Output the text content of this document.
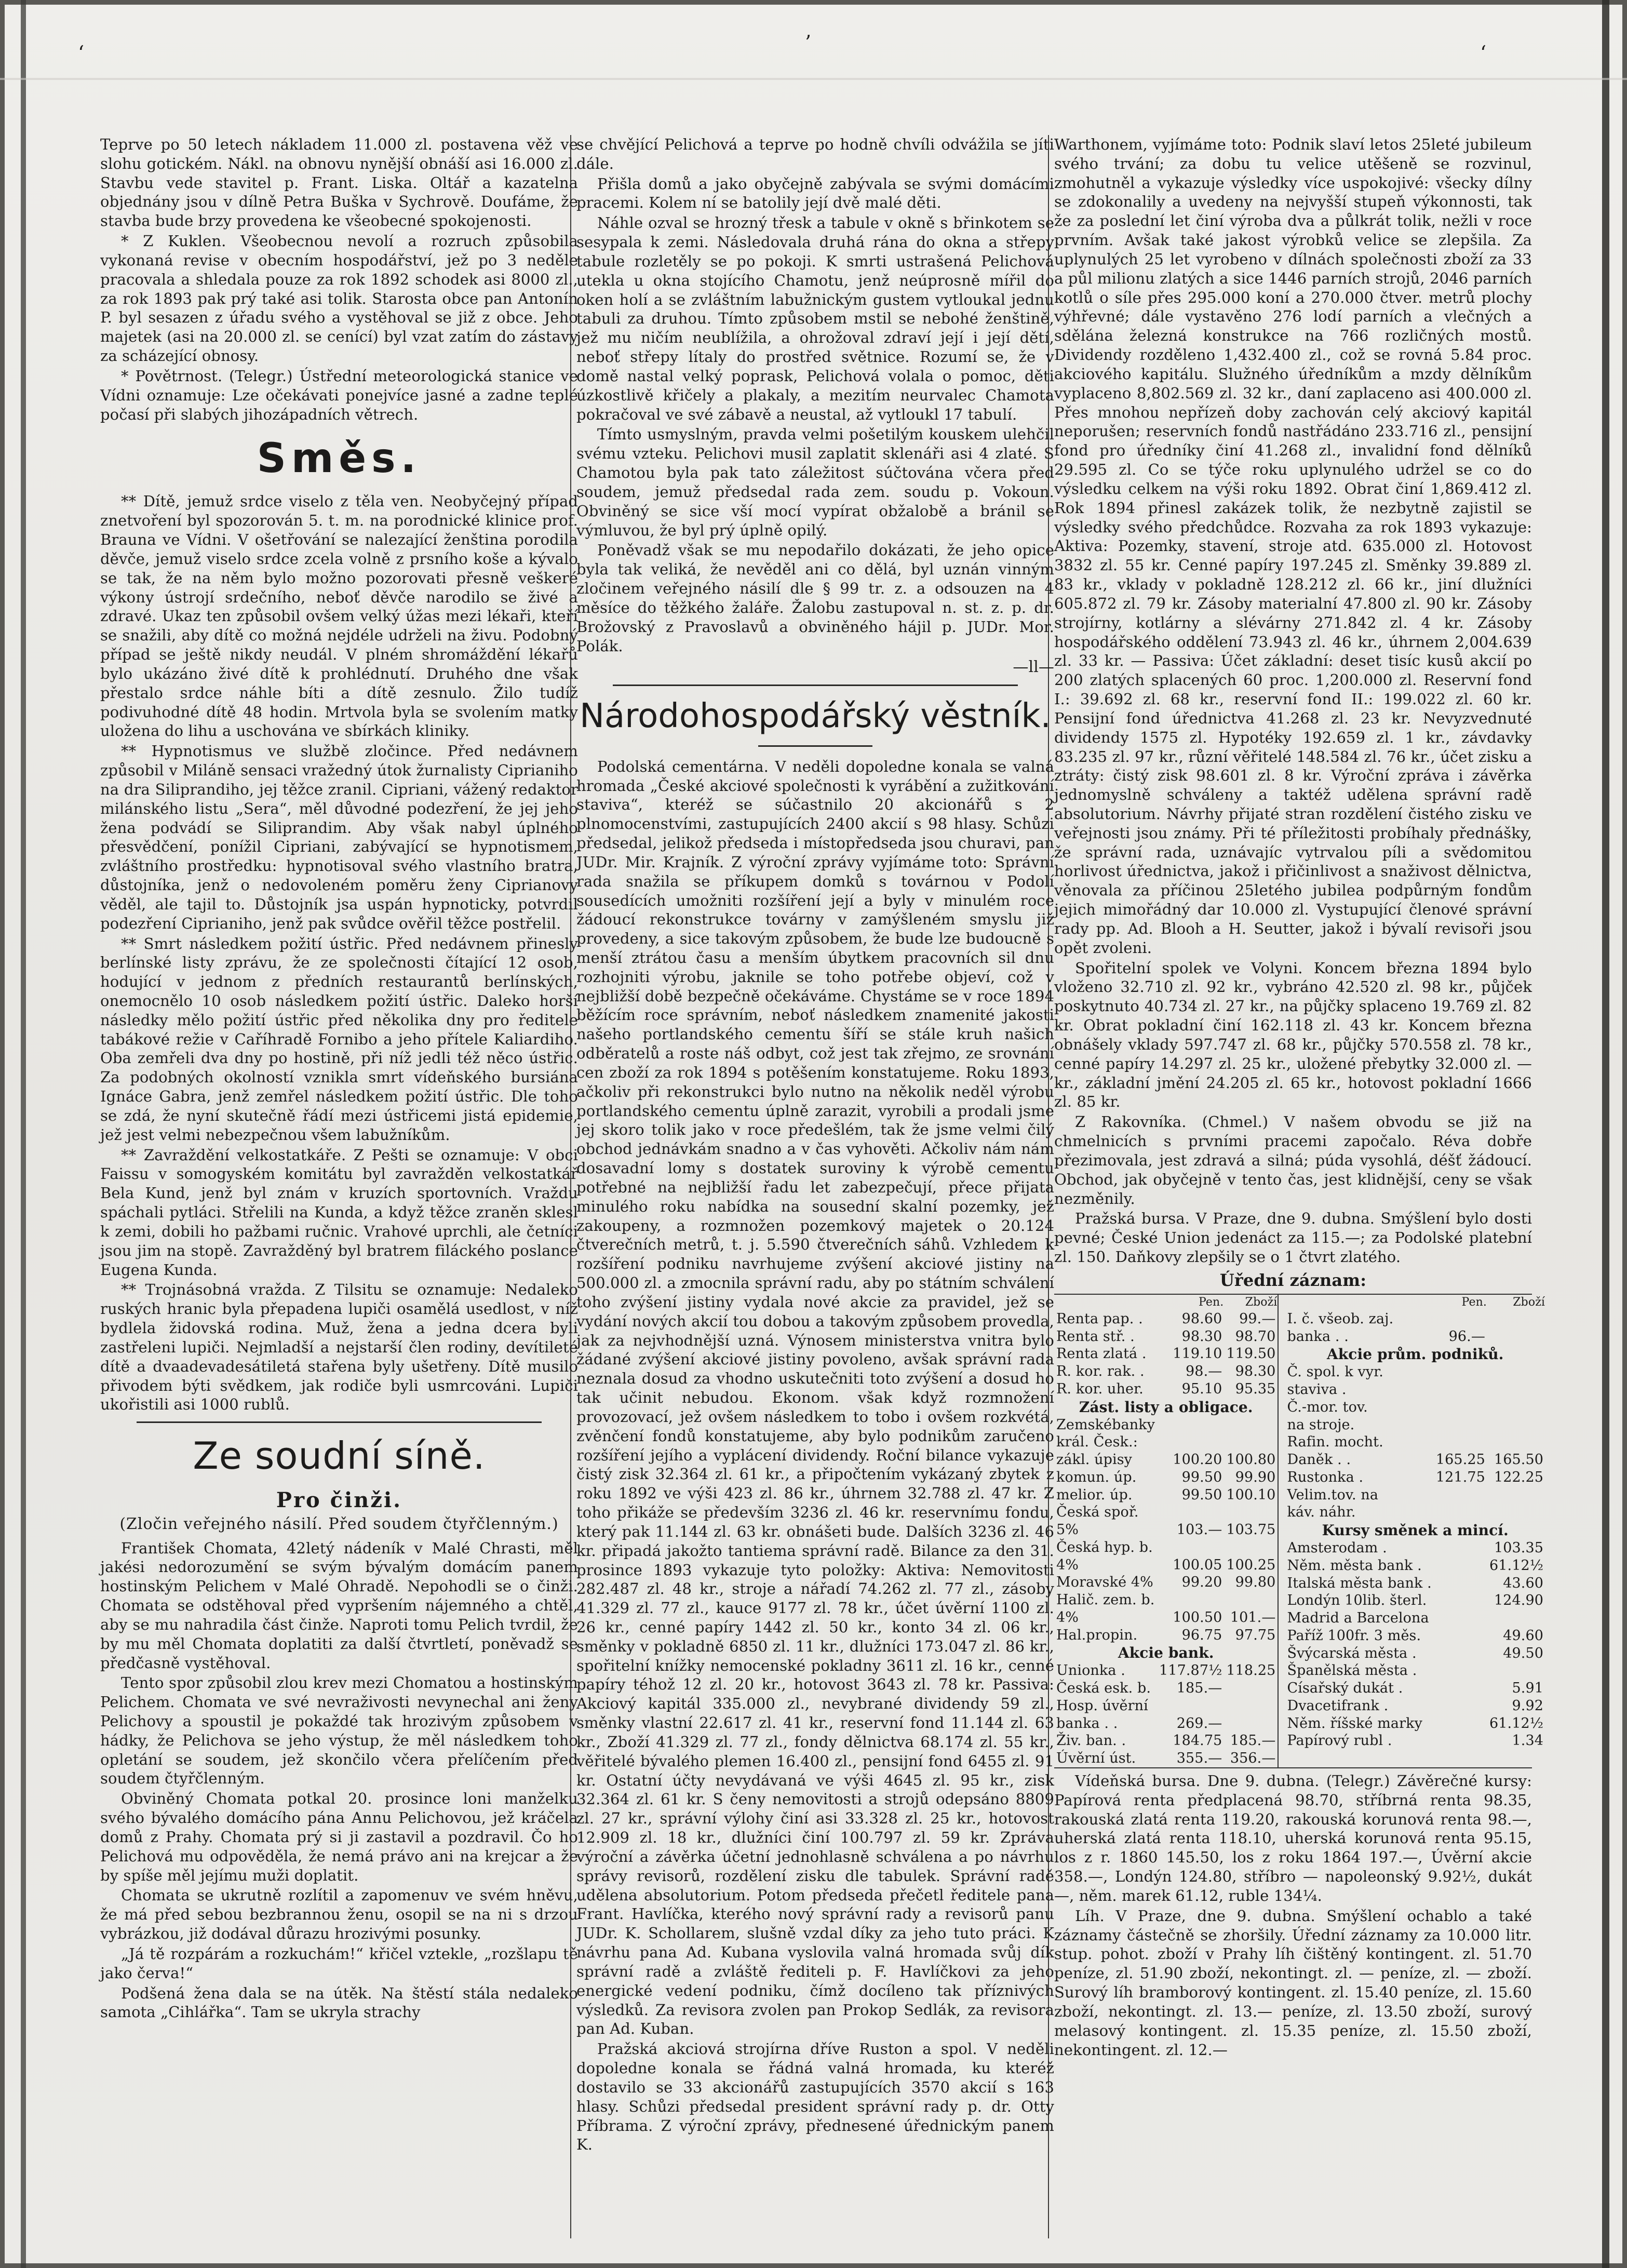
‘	’	‘

Teprve po 50 letech nákladem 11.000 zl. postavena věž ve slohu gotickém. Nákl. na obnovu nynější obnáší asi 16.000 zl. Stavbu vede stavitel p. Frant. Liska. Oltář a kazatelna objednány jsou v dílně Petra Buška v Sychrově. Doufáme, že stavba bude brzy provedena ke všeobecné spokojenosti.

* Z Kuklen. Všeobecnou nevolí a rozruch způsobila vykonaná revise v obecním hospodářství, jež po 3 neděle pracovala a shledala pouze za rok 1892 schodek asi 8000 zl., za rok 1893 pak prý také asi tolik. Starosta obce pan Antonín P. byl sesazen z úřadu svého a vystěhoval se již z obce. Jeho majetek (asi na 20.000 zl. se cenící) byl vzat zatím do zástavy za scházející obnosy.

* Povětrnost. (Telegr.) Ústřední meteorologická stanice ve Vídni oznamuje: Lze očekávati ponejvíce jasné a zadne teplé počasí při slabých jihozápadních větrech.

Směs.

** Dítě, jemuž srdce viselo z těla ven. Neobyčejný případ znetvoření byl spozorován 5. t. m. na porodnické klinice prof. Brauna ve Vídni. V ošetřování se nalezající ženština porodila děvče, jemuž viselo srdce zcela volně z prsního koše a kývalo se tak, že na něm bylo možno pozorovati přesně veškeré výkony ústrojí srdečního, neboť děvče narodilo se živé a zdravé. Ukaz ten způsobil ovšem velký úžas mezi lékaři, kteří se snažili, aby dítě co možná nejdéle udrželi na živu. Podobný případ se ještě nikdy neudál. V plném shromáždění lékařů bylo ukázáno živé dítě k prohlédnutí. Druhého dne však přestalo srdce náhle bíti a dítě zesnulo. Žilo tudíž podivuhodné dítě 48 hodin. Mrtvola byla se svolením matky uložena do lihu a uschována ve sbírkách kliniky.

** Hypnotismus ve službě zločince. Před nedávnem způsobil v Miláně sensaci vražedný útok žurnalisty Ciprianiho na dra Siliprandiho, jej těžce zranil. Cipriani, vážený redaktor milánského listu „Sera“, měl důvodné podezření, že jej jeho žena podvádí se Siliprandim. Aby však nabyl úplného přesvědčení, ponížil Cipriani, zabývající se hypnotismem, zvláštního prostředku: hypnotisoval svého vlastního bratra, důstojníka, jenž o nedovoleném poměru ženy Ciprianovy věděl, ale tajil to. Důstojník jsa uspán hypnoticky, potvrdil podezření Ciprianiho, jenž pak svůdce ověřil těžce postřelil.

** Smrt následkem požití ústřic. Před nedávnem přinesly berlínské listy zprávu, že ze společnosti čítající 12 osob, hodující v jednom z předních restaurantů berlínských, onemocnělo 10 osob následkem požití ústřic. Daleko horší následky mělo požití ústřic před několika dny pro ředitele tabákové režie v Caříhradě Fornibo a jeho přítele Kaliardiho. Oba zemřeli dva dny po hostině, při níž jedli též něco ústřic. Za podobných okolností vznikla smrt vídeňského bursiána Ignáce Gabra, jenž zemřel následkem požití ústřic. Dle toho se zdá, že nyní skutečně řádí mezi ústřicemi jistá epidemie, jež jest velmi nebezpečnou všem labužníkům.

** Zavraždění velkostatkáře. Z Pešti se oznamuje: V obci Faissu v somogyském komitátu byl zavražděn velkostatkář Bela Kund, jenž byl znám v kruzích sportovních. Vraždu spáchali pytláci. Střelili na Kunda, a když těžce zraněn sklesl k zemi, dobili ho pažbami ručnic. Vrahové uprchli, ale četníci jsou jim na stopě. Zavražděný byl bratrem filáckého poslance Eugena Kunda.

** Trojnásobná vražda. Z Tilsitu se oznamuje: Nedaleko ruských hranic byla přepadena lupiči osamělá usedlost, v níž bydlela židovská rodina. Muž, žena a jedna dcera byli zastřeleni lupiči. Nejmladší a nejstarší člen rodiny, devítileté dítě a dvaadevadesátiletá stařena byly ušetřeny. Dítě musilo přivodem býti svědkem, jak rodiče byli usmrcováni. Lupiči ukořistili asi 1000 rublů.

Ze soudní síně.
Pro činži.
(Zločin veřejného násilí. Před soudem čtyřčlenným.)

František Chomata, 42letý nádeník v Malé Chrasti, měl jakési nedorozumění se svým bývalým domácím panem hostinským Pelichem v Malé Ohradě. Nepohodli se o činži. Chomata se odstěhoval před vypršením nájemného a chtěl, aby se mu nahradila část činže. Naproti tomu Pelich tvrdil, že by mu měl Chomata doplatiti za další čtvrtletí, poněvadž se předčasně vystěhoval.

Tento spor způsobil zlou krev mezi Chomatou a hostinským Pelichem. Chomata ve své nevraživosti nevynechal ani ženy Pelichovy a spoustil je pokaždé tak hrozivým způsobem v hádky, že Pelichova se jeho výstup, že měl následkem toho opletání se soudem, jež skončilo včera přelíčením před soudem čtyřčlenným.

Obviněný Chomata potkal 20. prosince loni manželku svého bývalého domácího pána Annu Pelichovou, jež kráčela domů z Prahy. Chomata prý si ji zastavil a pozdravil. Čo ho Pelichová mu odpověděla, že nemá právo ani na krejcar a že by spíše měl jejímu muži doplatit.

Chomata se ukrutně rozlítil a zapomenuv ve svém hněvu, že má před sebou bezbrannou ženu, osopil se na ni s drzou vybrázkou, již dodával důrazu hrozivými posunky.

„Já tě rozpárám a rozkuchám!“ křičel vztekle, „rozšlapu tě jako červa!“

Podšená žena dala se na útěk. Na štěstí stála nedaleko samota „Cihlářka“. Tam se ukryla strachy

se chvějící Pelichová a teprve po hodně chvíli odvážila se jíti dále.

Přišla domů a jako obyčejně zabývala se svými domácími pracemi. Kolem ní se batolily její dvě malé děti.

Náhle ozval se hrozný třesk a tabule v okně s břinkotem se sesypala k zemi. Následovala druhá rána do okna a střepy tabule rozletěly se po pokoji. K smrti ustrašená Pelichová utekla u okna stojícího Chamotu, jenž neúprosně mířil do oken holí a se zvláštním labužnickým gustem vytloukal jednu tabuli za druhou. Tímto způsobem mstil se nebohé ženštině, jež mu ničím neublížila, a ohrožoval zdraví její i její dětí, neboť střepy lítaly do prostřed světnice. Rozumí se, že v domě nastal velký poprask, Pelichová volala o pomoc, děti úzkostlivě křičely a plakaly, a mezitím neurvalec Chamota pokračoval ve své zábavě a neustal, až vytloukl 17 tabulí.

Tímto usmyslným, pravda velmi pošetilým kouskem ulehčil svému vzteku. Pelichovi musil zaplatit sklenáři asi 4 zlaté. S Chamotou byla pak tato záležitost súčtována včera před soudem, jemuž předsedal rada zem. soudu p. Vokoun. Obviněný se sice vší mocí vypírat obžalobě a bránil se výmluvou, že byl prý úplně opilý.

Poněvadž však se mu nepodařilo dokázati, že jeho opice byla tak veliká, že nevěděl ani co dělá, byl uznán vinným zločinem veřejného násilí dle § 99 tr. z. a odsouzen na 4 měsíce do těžkého žaláře. Žalobu zastupoval n. st. z. p. dr. Brožovský z Pravoslavů a obviněného hájil p. JUDr. Mor. Polák.

—ll—
Národohospodářský věstník.

Podolská cementárna. V neděli dopoledne konala se valná hromada „České akciové společnosti k vyrábění a zužitkování staviva“, kteréž se súčastnilo 20 akcionářů s 2 plnomocenstvími, zastupujících 2400 akcií s 98 hlasy. Schůzi předsedal, jelikož předseda i místopředseda jsou churavi, pan JUDr. Mir. Krajník. Z výroční zprávy vyjímáme toto: Správní rada snažila se příkupem domků s továrnou v Podolí sousedících umožniti rozšíření její a byly v minulém roce žádoucí rekonstrukce továrny v zamýšleném smyslu již provedeny, a sice takovým způsobem, že bude lze budoucně s menší ztrátou času a menším úbytkem pracovních sil dnu rozhojniti výrobu, jaknile se toho potřebe objeví, což v nejbližší době bezpečně očekáváme. Chystáme se v roce 1894 běžícím roce správním, neboť následkem znamenité jakosti našeho portlandského cementu šíří se stále kruh našich odběratelů a roste náš odbyt, což jest tak zřejmo, ze srovnání cen zboží za rok 1894 s potěšením konstatujeme. Roku 1893, ačkoliv při rekonstrukci bylo nutno na několik neděl výrobu portlandského cementu úplně zarazit, vyrobili a prodali jsme jej skoro tolik jako v roce předešlém, tak že jsme velmi čilý obchod jednávkám snadno a v čas vyhověti. Ačkoliv nám nám dosavadní lomy s dostatek suroviny k výrobě cementu potřebné na nejbližší řadu let zabezpečují, přece přijata minulého roku nabídka na sousední skalní pozemky, jež zakoupeny, a rozmnožen pozemkový majetek o 20.124 čtverečních metrů, t. j. 5.590 čtverečních sáhů. Vzhledem k rozšíření podniku navrhujeme zvýšení akciové jistiny na 500.000 zl. a zmocnila správní radu, aby po státním schválení toho zvýšení jistiny vydala nové akcie za pravidel, jež se vydání nových akcií tou dobou a takovým způsobem provedla, jak za nejvhodnější uzná. Výnosem ministerstva vnitra bylo žádané zvýšení akciové jistiny povoleno, avšak správní rada neznala dosud za vhodno uskutečniti toto zvýšení a dosud ho tak učinit nebudou. Ekonom. však když rozmnožení provozovací, jež ovšem následkem to tobo i ovšem rozkvétá, zvěnčení fondů konstatujeme, aby bylo podnikům zaručeno rozšíření jejího a vyplácení dividendy. Roční bilance vykazuje čistý zisk 32.364 zl. 61 kr., a připočtením vykázaný zbytek z roku 1892 ve výši 423 zl. 86 kr., úhrnem 32.788 zl. 47 kr. Z toho přikáže se především 3236 zl. 46 kr. reservnímu fondu, který pak 11.144 zl. 63 kr. obnášeti bude. Dalších 3236 zl. 46 kr. připadá jakožto tantiema správní radě. Bilance za den 31. prosince 1893 vykazuje tyto položky: Aktiva: Nemovitosti 282.487 zl. 48 kr., stroje a nářadí 74.262 zl. 77 zl., zásoby 41.329 zl. 77 zl., kauce 9177 zl. 78 kr., účet úvěrní 1100 zl. 26 kr., cenné papíry 1442 zl. 50 kr., konto 34 zl. 06 kr., směnky v pokladně 6850 zl. 11 kr., dlužníci 173.047 zl. 86 kr., spořitelní knížky nemocenské pokladny 3611 zl. 16 kr., cenné papíry téhož 12 zl. 20 kr., hotovost 3643 zl. 78 kr. Passiva: Akciový kapitál 335.000 zl., nevybrané dividendy 59 zl., směnky vlastní 22.617 zl. 41 kr., reservní fond 11.144 zl. 63 kr., Zboží 41.329 zl. 77 zl., fondy dělnictva 68.174 zl. 55 kr., věřitelé bývalého plemen 16.400 zl., pensijní fond 6455 zl. 91 kr. Ostatní účty nevydávaná ve výši 4645 zl. 95 kr., zisk 32.364 zl. 61 kr. S čeny nemovitosti a strojů odepsáno 8809 zl. 27 kr., správní výlohy činí asi 33.328 zl. 25 kr., hotovost 12.909 zl. 18 kr., dlužníci činí 100.797 zl. 59 kr. Zpráva výroční a závěrka účetní jednohlasně schválena a po návrhu správy revisorů, rozdělení zisku dle tabulek. Správní radě udělena absolutorium. Potom předseda přečetl ředitele pana Frant. Havlíčka, kterého nový správní rady a revisorů panu JUDr. K. Schollarem, slušně vzdal díky za jeho tuto práci. K návrhu pana Ad. Kubana vyslovila valná hromada svůj dík správní radě a zvláště řediteli p. F. Havlíčkovi za jeho energické vedení podniku, čímž docíleno tak příznivých výsledků. Za revisora zvolen pan Prokop Sedlák, za revisora pan Ad. Kuban.

Pražská akciová strojírna dříve Ruston a spol. V neděli dopoledne konala se řádná valná hromada, ku kteréž dostavilo se 33 akcionářů zastupujících 3570 akcií s 163 hlasy. Schůzi předsedal president správní rady p. dr. Otty Příbrama. Z výroční zprávy, přednesené úřednickým panem K.

Warthonem, vyjímáme toto: Podnik slaví letos 25leté jubileum svého trvání; za dobu tu velice utěšeně se rozvinul, zmohutněl a vykazuje výsledky více uspokojivé: všecky dílny se zdokonalily a uvedeny na nejvyšší stupeň výkonnosti, tak že za poslední let činí výroba dva a půlkrát tolik, nežli v roce prvním. Avšak také jakost výrobků velice se zlepšila. Za uplynulých 25 let vyrobeno v dílnách společnosti zboží za 33 a půl milionu zlatých a sice 1446 parních strojů, 2046 parních kotlů o síle přes 295.000 koní a 270.000 čtver. metrů plochy výhřevné; dále vystavěno 276 lodí parních a vlečných a sdělána železná konstrukce na 766 rozličných mostů. Dividendy rozděleno 1,432.400 zl., což se rovná 5.84 proc. akciového kapitálu. Služného úředníkům a mzdy dělníkům vyplaceno 8,802.569 zl. 32 kr., daní zaplaceno asi 400.000 zl. Přes mnohou nepřízeň doby zachován celý akciový kapitál neporušen; reservních fondů nastřádáno 233.716 zl., pensijní fond pro úředníky činí 41.268 zl., invalidní fond dělníků 29.595 zl. Co se týče roku uplynulého udržel se co do výsledku celkem na výši roku 1892. Obrat činí 1,869.412 zl. Rok 1894 přinesl zakázek tolik, že nezbytně zajistil se výsledky svého předchůdce. Rozvaha za rok 1893 vykazuje: Aktiva: Pozemky, stavení, stroje atd. 635.000 zl. Hotovost 3832 zl. 55 kr. Cenné papíry 197.245 zl. Směnky 39.889 zl. 83 kr., vklady v pokladně 128.212 zl. 66 kr., jiní dlužníci 605.872 zl. 79 kr. Zásoby materialní 47.800 zl. 90 kr. Zásoby strojírny, kotlárny a slévárny 271.842 zl. 4 kr. Zásoby hospodářského oddělení 73.943 zl. 46 kr., úhrnem 2,004.639 zl. 33 kr. — Passiva: Účet základní: deset tisíc kusů akcií po 200 zlatých splacených 60 proc. 1,200.000 zl. Reservní fond I.: 39.692 zl. 68 kr., reservní fond II.: 199.022 zl. 60 kr. Pensijní fond úřednictva 41.268 zl. 23 kr. Nevyzvednuté dividendy 1575 zl. Hypotéky 192.659 zl. 1 kr., závdavky 83.235 zl. 97 kr., různí věřitelé 148.584 zl. 76 kr., účet zisku a ztráty: čistý zisk 98.601 zl. 8 kr. Výroční zpráva i závěrka jednomyslně schváleny a taktéž udělena správní radě absolutorium. Návrhy přijaté stran rozdělení čistého zisku ve veřejnosti jsou známy. Při té příležitosti probíhaly přednášky, že správní rada, uznávajíc vytrvalou píli a svědomitou horlivost úřednictva, jakož i přičinlivost a snaživost dělnictva, věnovala za příčinou 25letého jubilea podpůrným fondům jejich mimořádný dar 10.000 zl. Vystupující členové správní rady pp. Ad. Blooh a H. Seutter, jakož i bývalí revisoři jsou opět zvoleni.

Spořitelní spolek ve Volyni. Koncem března 1894 bylo vloženo 32.710 zl. 92 kr., vybráno 42.520 zl. 98 kr., půjček poskytnuto 40.734 zl. 27 kr., na půjčky splaceno 19.769 zl. 82 kr. Obrat pokladní činí 162.118 zl. 43 kr. Koncem března obnášely vklady 597.747 zl. 68 kr., půjčky 570.558 zl. 78 kr., cenné papíry 14.297 zl. 25 kr., uložené přebytky 32.000 zl. — kr., základní jmění 24.205 zl. 65 kr., hotovost pokladní 1666 zl. 85 kr.

Z Rakovníka. (Chmel.) V našem obvodu se již na chmelnicích s prvními pracemi započalo. Réva dobře přezimovala, jest zdravá a silná; púda vysohlá, déšť žádoucí. Obchod, jak obyčejně v tento čas, jest klidnější, ceny se však nezměnily.

Pražská bursa. V Praze, dne 9. dubna. Smýšlení bylo dosti pevné; České Union jedenáct za 115.—; za Podolské platební zl. 150. Daňkovy zlepšily se o 1 čtvrt zlatého.

Úřední záznam:
	Pen.	Zboží
Renta pap. .	98.60	99.—
Renta stř. .	98.30	98.70
Renta zlatá .	119.10	119.50
R. kor. rak. .	98.—	98.30
R. kor. uher.	95.10	95.35
Zást. listy a obligace.		
Zemskébanky		
král. Česk.:		
zákl. úpisy	100.20	100.80
komun. úp.	99.50	99.90
melior. úp.	99.50	100.10
Česká spoř.		
5%	103.—	103.75
Česká hyp. b.		
4%	100.05	100.25
Moravské 4%	99.20	99.80
Halič. zem. b.		
4%	100.50	101.—
Hal.propin.	96.75	97.75
Akcie bank.		
Unionka .	117.87½	118.25
Česká esk. b.	185.—	
Hosp. úvěrní		
banka . .	269.—	
Živ. ban. .	184.75	185.—
Úvěrní úst.	355.—	356.—
	Pen.	Zboží
I. č. všeob. zaj.		
banka . .	96.—	
Akcie prům. podniků.		
Č. spol. k vyr.		
staviva .		
Č.-mor. tov.		
na stroje.		
Rafin. mocht.		
Daněk . .	165.25	165.50
Rustonka .	121.75	122.25
Velim.tov. na		
káv. náhr.		
Kursy směnek a mincí.		
Amsterodam .		103.35
Něm. města bank .		61.12½
Italská města bank .		43.60
Londýn 10lib. šterl.		124.90
Madrid a Barcelona		
Paříž 100fr. 3 měs.		49.60
Švýcarská města .		49.50
Španělská města .		
Císařský dukát .		5.91
Dvacetifrank .		9.92
Něm. říšské marky		61.12½
Papírový rubl .		1.34

Vídeňská bursa. Dne 9. dubna. (Telegr.) Závěrečné kursy: Papírová renta předplacená 98.70, stříbrná renta 98.35, rakouská zlatá renta 119.20, rakouská korunová renta 98.—, uherská zlatá renta 118.10, uherská korunová renta 95.15, los z r. 1860 145.50, los z roku 1864 197.—, Úvěrní akcie 358.—, Londýn 124.80, stříbro — napoleonský 9.92½, dukát —, něm. marek 61.12, ruble 134¼.

Líh. V Praze, dne 9. dubna. Smýšlení ochablo a také záznamy částečně se zhoršily. Úřední záznamy za 10.000 litr. stup. pohot. zboží v Prahy líh čištěný kontingent. zl. 51.70 peníze, zl. 51.90 zboží, nekontingt. zl. — peníze, zl. — zboží. Surový líh bramborový kontingent. zl. 15.40 peníze, zl. 15.60 zboží, nekontingt. zl. 13.— peníze, zl. 13.50 zboží, surový melasový kontingent. zl. 15.35 peníze, zl. 15.50 zboží, nekontingent. zl. 12.—
